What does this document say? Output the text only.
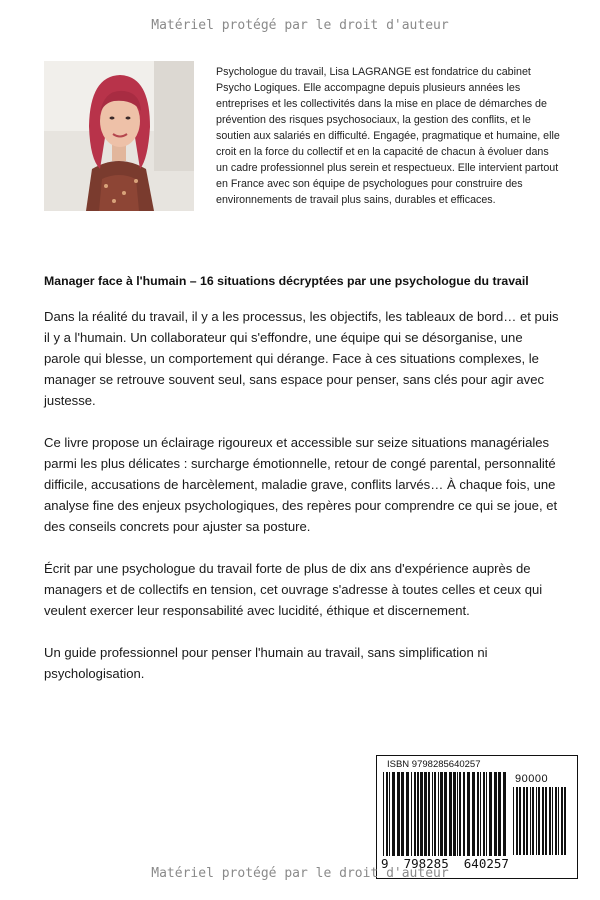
Matériel protégé par le droit d'auteur
Psychologue du travail, Lisa LAGRANGE est fondatrice du cabinet Psycho Logiques. Elle accompagne depuis plusieurs années les entreprises et les collectivités dans la mise en place de démarches de prévention des risques psychosociaux, la gestion des conflits, et le soutien aux salariés en difficulté. Engagée, pragmatique et humaine, elle croit en la force du collectif et en la capacité de chacun à évoluer dans un cadre professionnel plus serein et respectueux. Elle intervient partout en France avec son équipe de psychologues pour construire des environnements de travail plus sains, durables et efficaces.
Manager face à l'humain – 16 situations décryptées par une psychologue du travail

Dans la réalité du travail, il y a les processus, les objectifs, les tableaux de bord… et puis il y a l'humain. Un collaborateur qui s'effondre, une équipe qui se désorganise, une parole qui blesse, un comportement qui dérange. Face à ces situations complexes, le manager se retrouve souvent seul, sans espace pour penser, sans clés pour agir avec justesse.

Ce livre propose un éclairage rigoureux et accessible sur seize situations managériales parmi les plus délicates : surcharge émotionnelle, retour de congé parental, personnalité difficile, accusations de harcèlement, maladie grave, conflits larvés… À chaque fois, une analyse fine des enjeux psychologiques, des repères pour comprendre ce qui se joue, et des conseils concrets pour ajuster sa posture.

Écrit par une psychologue du travail forte de plus de dix ans d'expérience auprès de managers et de collectifs en tension, cet ouvrage s'adresse à toutes celles et ceux qui veulent exercer leur responsabilité avec lucidité, éthique et discernement.

Un guide professionnel pour penser l'humain au travail, sans simplification ni psychologisation.

ISBN 9798285640257
90000
9  798285  640257
Matériel protégé par le droit d'auteur
